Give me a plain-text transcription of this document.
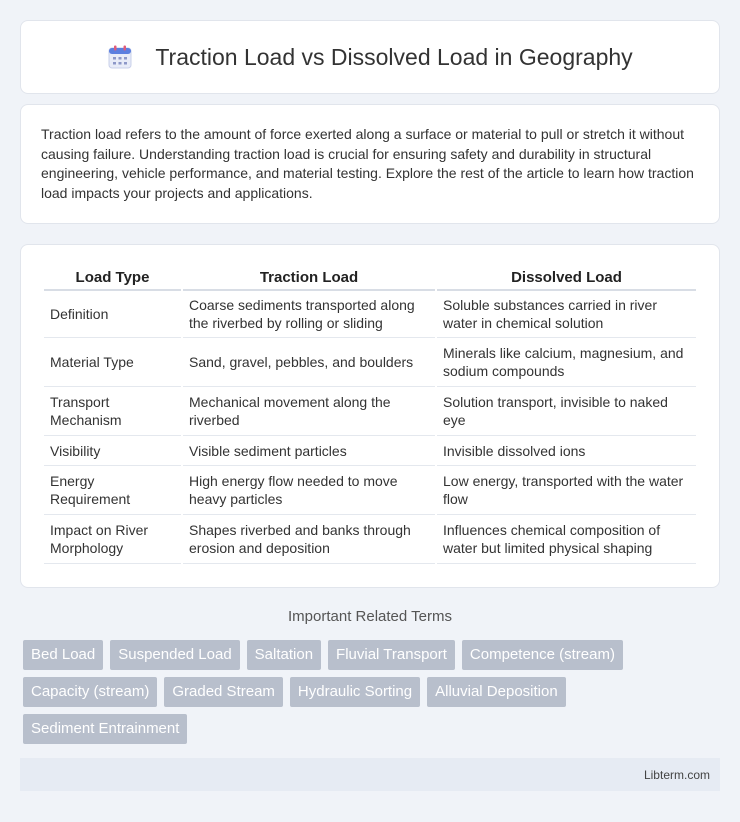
Traction Load vs Dissolved Load in Geography

Traction load refers to the amount of force exerted along a surface or material to pull or stretch it without causing failure. Understanding traction load is crucial for ensuring safety and durability in structural engineering, vehicle performance, and material testing. Explore the rest of the article to learn how traction load impacts your projects and applications.

Load Type	Traction Load	Dissolved Load
Definition	Coarse sediments transported along the riverbed by rolling or sliding	Soluble substances carried in river water in chemical solution
Material Type	Sand, gravel, pebbles, and boulders	Minerals like calcium, magnesium, and sodium compounds
Transport Mechanism	Mechanical movement along the riverbed	Solution transport, invisible to naked eye
Visibility	Visible sediment particles	Invisible dissolved ions
Energy Requirement	High energy flow needed to move heavy particles	Low energy, transported with the water flow
Impact on River Morphology	Shapes riverbed and banks through erosion and deposition	Influences chemical composition of water but limited physical shaping
Important Related Terms
Bed Load	Suspended Load	Saltation	Fluvial Transport	Competence (stream)
Capacity (stream)	Graded Stream	Hydraulic Sorting	Alluvial Deposition
Sediment Entrainment
Libterm.com
